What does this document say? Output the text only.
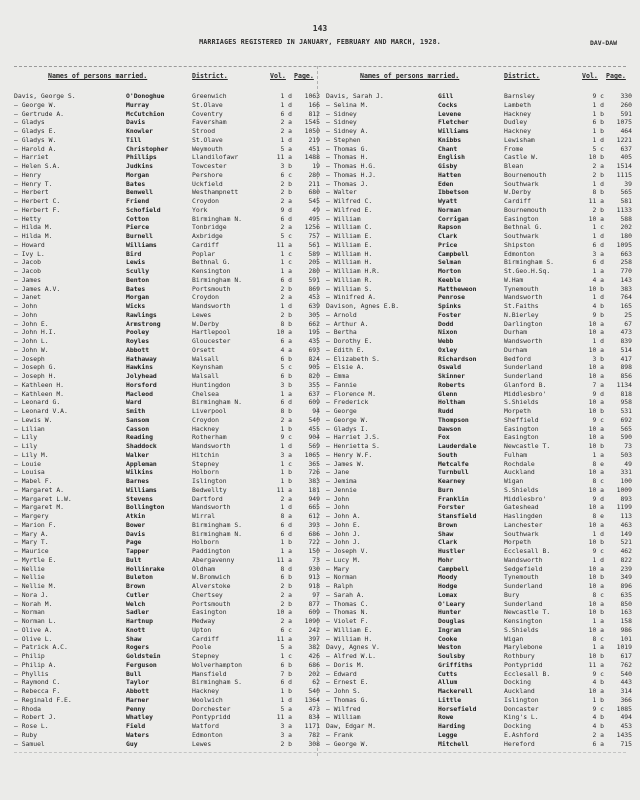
143
MARRIAGES REGISTERED IN JANUARY, FEBRUARY AND MARCH, 1928.	DAV-DAW
Names of persons married.	District.	Vol. Page.
Davis, George S.	O'Donoghue	Greenwich	1 d	1063
— George W.	Murray	St.Olave	1 d	166
— Gertrude A.	McCutchion	Coventry	6 d	812
— Gladys	Davis	Faversham	2 a	1545
— Gladys E.	Knowler	Strood	2 a	1050
— Gladys W.	Till	St.Olave	1 d	219
— Harold A.	Christopher	Weymouth	5 a	451
— Harriet	Phillips	Llandilofawr	11 a	1488
— Helen S.A.	Judkins	Towcester	3 b	19
— Henry	Morgan	Pershore	6 c	280
— Henry T.	Bates	Uckfield	2 b	211
— Herbert	Benwell	Westhampnett	2 b	680
— Herbert C.	Friend	Croydon	2 a	545
— Herbert F.	Schofield	York	9 d	49
— Hetty	Cotton	Birmingham N.	6 d	495
— Hilda M.	Pierce	Tonbridge	2 a	1256
— Hilda M.	Burnell	Axbridge	5 c	757
— Howard	Williams	Cardiff	11 a	561
— Ivy L.	Bird	Poplar	1 c	589
— Jacob	Lewis	Bethnal G.	1 c	205
— Jacob	Scully	Kensington	1 a	280
— James	Benton	Birmingham N.	6 d	591
— James A.V.	Bates	Portsmouth	2 b	869
— Janet	Morgan	Croydon	2 a	453
— John	Wicks	Wandsworth	1 d	639
— John	Rawlings	Lewes	2 b	305
— John E.	Armstrong	W.Derby	8 b	662
— John H.I.	Pooley	Hartlepool	10 a	195
— John L.	Royles	Gloucester	6 a	435
— John W.	Abbott	Orsett	4 a	693
— Joseph	Hathaway	Walsall	6 b	824
— Joseph G.	Hawkins	Keynsham	5 c	905
— Joseph H.	Jolyhead	Walsall	6 b	820
— Kathleen H.	Horsford	Huntingdon	3 b	355
— Kathleen M.	Macleod	Chelsea	1 a	637
— Leonard G.	Ward	Birmingham N.	6 d	609
— Leonard V.A.	Smith	Liverpool	8 b	94
— Lewis W.	Sansom	Croydon	2 a	540
— Lilian	Casson	Hackney	1 b	455
— Lily	Reading	Rotherham	9 c	904
— Lily	Shaddock	Wandsworth	1 d	569
— Lily M.	Walker	Hitchin	3 a	1065
— Louie	Appleman	Stepney	1 c	365
— Louisa	Wilkins	Holborn	1 b	726
— Mabel F.	Barnes	Islington	1 b	383
— Margaret A.	Williams	Bedwellty	11 a	181
— Margaret L.W.	Stevens	Dartford	2 a	949
— Margaret M.	Bollington	Wandsworth	1 d	665
— Margery	Atkin	Wirral	8 a	612
— Marion F.	Bower	Birmingham S.	6 d	393
— Mary A.	Davis	Birmingham N.	6 d	686
— Mary T.	Page	Holborn	1 b	722
— Maurice	Tapper	Paddington	1 a	150
— Myrtle E.	Bult	Abergavenny	11 a	73
— Nellie	Hollinrake	Oldham	8 d	930
— Nellie	Buleton	W.Bromwich	6 b	913
— Nellie M.	Brown	Alverstoke	2 b	918
— Nora J.	Cutler	Chertsey	2 a	97
— Norah M.	Welch	Portsmouth	2 b	877
— Norman	Sadler	Easington	10 a	609
— Norman L.	Hartnup	Medway	2 a	1090
— Olive A.	Knott	Upton	6 c	242
— Olive L.	Shaw	Cardiff	11 a	397
— Patrick A.C.	Rogers	Poole	5 a	382
— Philip	Goldstein	Stepney	1 c	426
— Philip A.	Ferguson	Wolverhampton	6 b	686
— Phyllis	Bull	Mansfield	7 b	202
— Raymond C.	Taylor	Birmingham S.	6 d	62
— Rebecca F.	Abbott	Hackney	1 b	540
— Reginald F.E.	Marner	Woolwich	1 d	1364
— Rhoda	Penny	Dorchester	5 a	473
— Robert J.	Whatley	Pontypridd	11 a	834
— Rose L.	Field	Watford	3 a	1171
— Ruby	Waters	Edmonton	3 a	782
— Samuel	Guy	Lewes	2 b	308
Names of persons married.	District.	Vol. Page.
Davis, Sarah J.	Gill	Barnsley	9 c	330
— Selina M.	Cocks	Lambeth	1 d	260
— Sidney	Levene	Hackney	1 b	591
— Sidney	Fletcher	Dudley	6 b	1075
— Sidney A.	Williams	Hackney	1 b	464
— Stephen	Knibbs	Lewisham	1 d	1221
— Thomas G.	Chant	Frome	5 c	637
— Thomas H.	English	Castle W.	10 b	405
— Thomas H.G.	Gisby	Blean	2 a	1514
— Thomas H.J.	Hatten	Bournemouth	2 b	1115
— Thomas J.	Eden	Southwark	1 d	39
— Walter	Ibbetson	W.Derby	8 b	565
— Wilfred C.	Wyatt	Cardiff	11 a	581
— Wilfred E.	Norman	Bournemouth	2 b	1133
— William	Corrigan	Easington	10 a	588
— William C.	Rapson	Bethnal G.	1 c	202
— William E.	Clark	Southwark	1 d	180
— William E.	Price	Shipston	6 d	1095
— William H.	Campbell	Edmonton	3 a	663
— William H.	Selman	Birmingham S.	6 d	258
— William H.R.	Morton	St.Geo.H.Sq.	1 a	770
— William R.	Keeble	W.Ham	4 a	143
— William S.	Mattheweon	Tynemouth	10 b	383
— Winifred A.	Penrose	Wandsworth	1 d	764
Davison, Agnes E.B.	Spinks	St.Faiths	4 b	165
— Arnold	Foster	N.Bierley	9 b	25
— Arthur A.	Dodd	Darlington	10 a	67
— Bertha	Nixon	Durham	10 a	473
— Dorothy E.	Webb	Wandsworth	1 d	839
— Edith E.	Oxley	Durham	10 a	514
— Elizabeth S.	Richardson	Bedford	3 b	417
— Elsie A.	Oswald	Sunderland	10 a	898
— Emma	Skinner	Sunderland	10 a	856
— Fannie	Roberts	Glanford B.	7 a	1134
— Florence M.	Glenn	Middlesbro'	9 d	818
— Frederick	Holtham	S.Shields	10 a	958
— George	Rudd	Morpeth	10 b	531
— George W.	Thompson	Sheffield	9 c	692
— Gladys I.	Dawson	Easington	10 a	565
— Harriet J.S.	Fox	Easington	10 a	590
— Henrietta S.	Lauderdale	Newcastle T.	10 b	73
— Henry W.F.	South	Fulham	1 a	503
— James W.	Metcalfe	Rochdale	8 e	49
— Jane	Turnbull	Auckland	10 a	331
— Jemima	Kearney	Wigan	8 c	100
— Jennie	Burn	S.Shields	10 a	1009
— John	Franklin	Middlesbro'	9 d	893
— John	Forster	Gateshead	10 a	1199
— John A.	Stansfield	Haslingden	8 e	113
— John E.	Brown	Lanchester	10 a	463
— John J.	Shaw	Southwark	1 d	149
— John J.	Clark	Morpeth	10 b	521
— Joseph V.	Hustler	Ecclesall B.	9 c	462
— Lucy M.	Mohr	Wandsworth	1 d	822
— Mary	Campbell	Sedgefield	10 a	239
— Norman	Moody	Tynemouth	10 b	349
— Ralph	Hodge	Sunderland	10 a	896
— Sarah A.	Lomax	Bury	8 c	635
— Thomas C.	O'Leary	Sunderland	10 a	850
— Thomas N.	Hunter	Newcastle T.	10 b	163
— Violet F.	Douglas	Kensington	1 a	158
— William E.	Ingram	S.Shields	10 a	986
— William H.	Cooke	Wigan	8 c	101
Davy, Agnes V.	Weston	Marylebone	1 a	1019
— Alfred W.L.	Soulsby	Rothbury	10 b	617
— Doris M.	Griffiths	Pontypridd	11 a	762
— Edward	Cutts	Ecclesall B.	9 c	540
— Ernest E.	Allum	Docking	4 b	443
— John S.	Mackerell	Auckland	10 a	314
— Thomas G.	Little	Islington	1 b	366
— Wilfred	Horsefield	Doncaster	9 c	1085
— William	Rowe	King's L.	4 b	494
Daw, Edgar M.	Harding	Docking	4 b	453
— Frank	Legge	E.Ashford	2 a	1435
— George W.	Mitchell	Hereford	6 a	715
